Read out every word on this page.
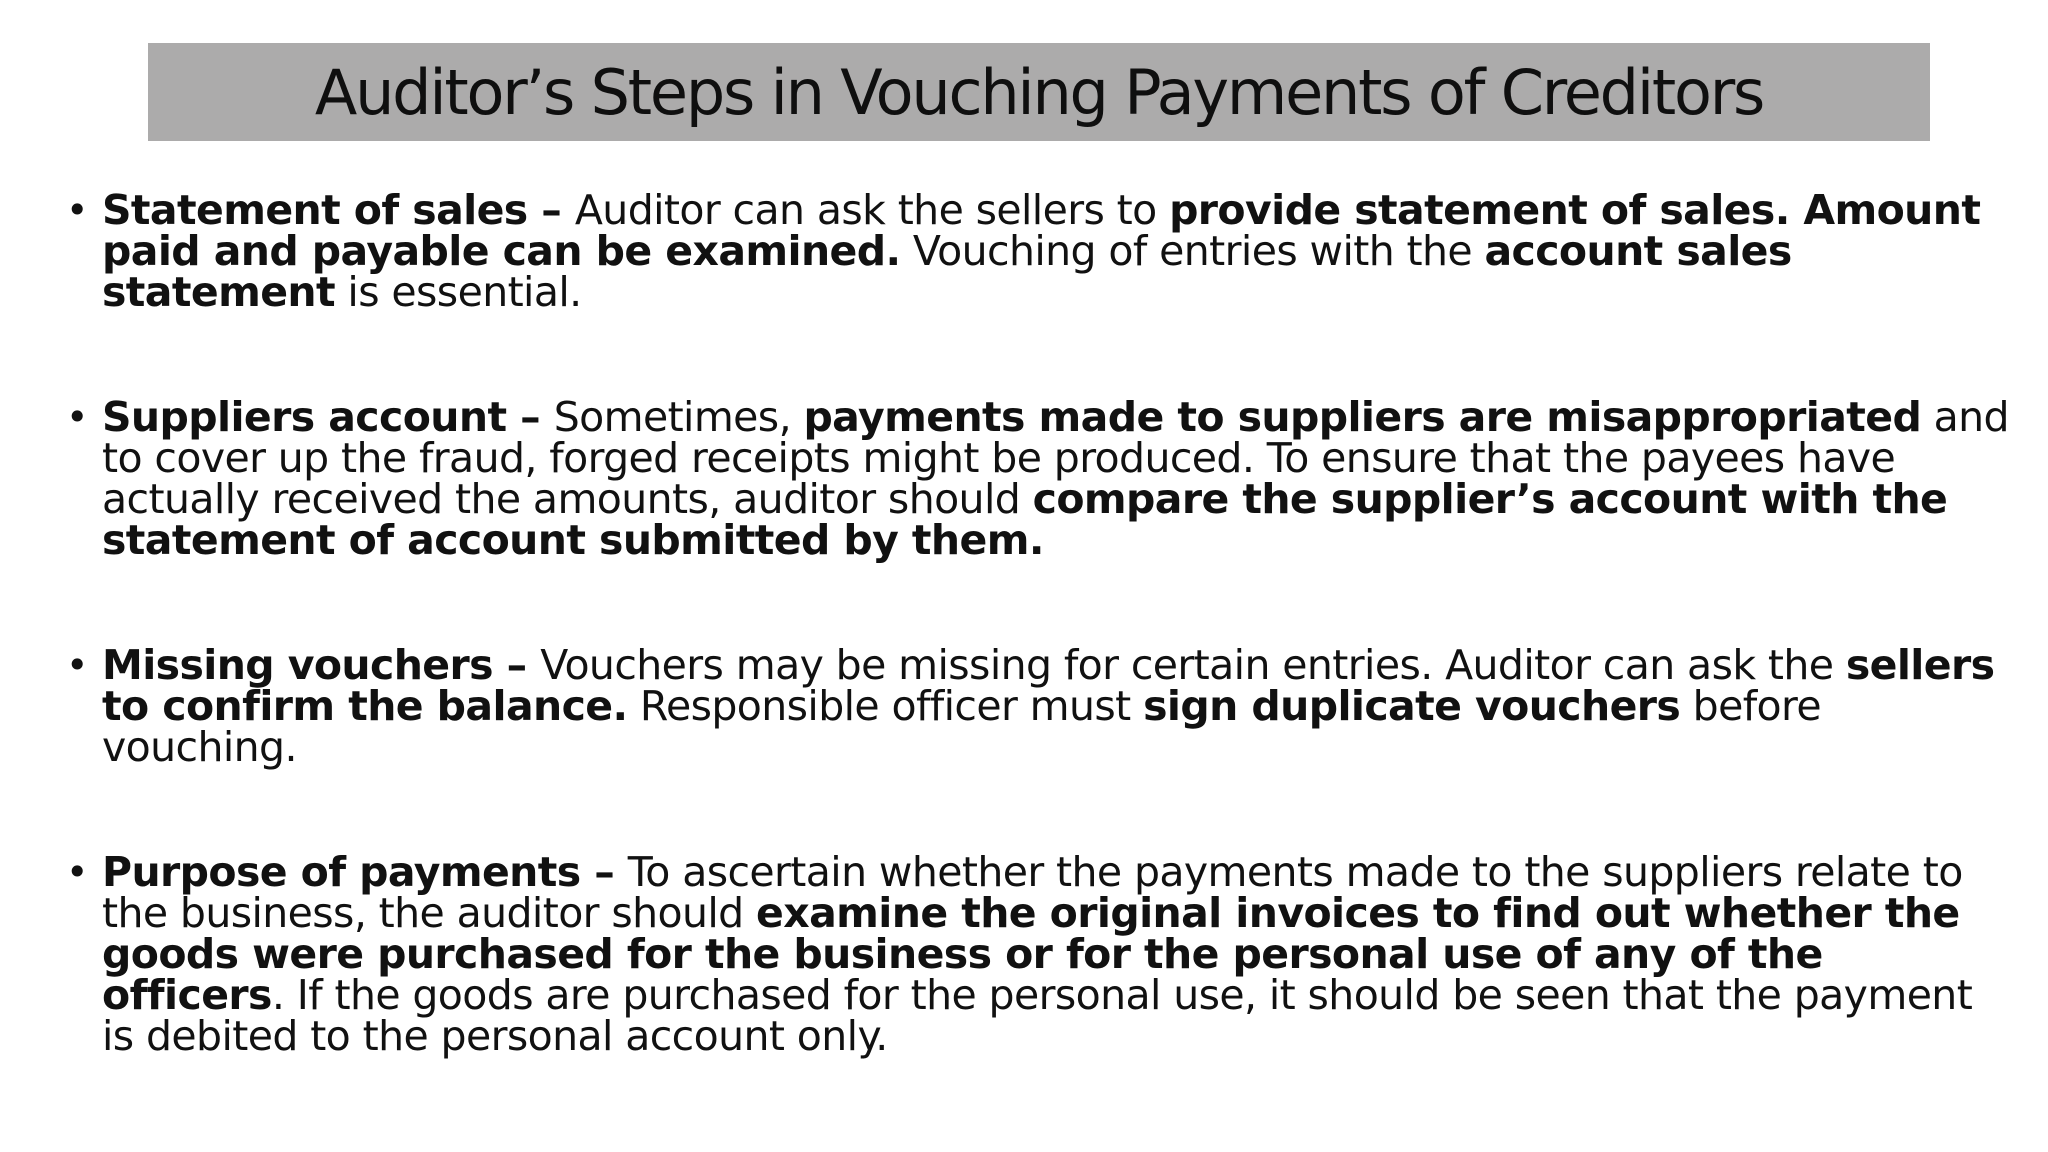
Auditor’s Steps in Vouching Payments of Creditors
• Statement of sales – Auditor can ask the sellers to provide statement of sales. Amount paid and payable can be examined. Vouching of entries with the account sales statement is essential.
• Suppliers account – Sometimes, payments made to suppliers are misappropriated and to cover up the fraud, forged receipts might be produced. To ensure that the payees have actually received the amounts, auditor should compare the supplier’s account with the statement of account submitted by them.
• Missing vouchers – Vouchers may be missing for certain entries. Auditor can ask the sellers to confirm the balance. Responsible officer must sign duplicate vouchers before vouching.
• Purpose of payments – To ascertain whether the payments made to the suppliers relate to the business, the auditor should examine the original invoices to find out whether the goods were purchased for the business or for the personal use of any of the officers. If the goods are purchased for the personal use, it should be seen that the payment is debited to the personal account only.
